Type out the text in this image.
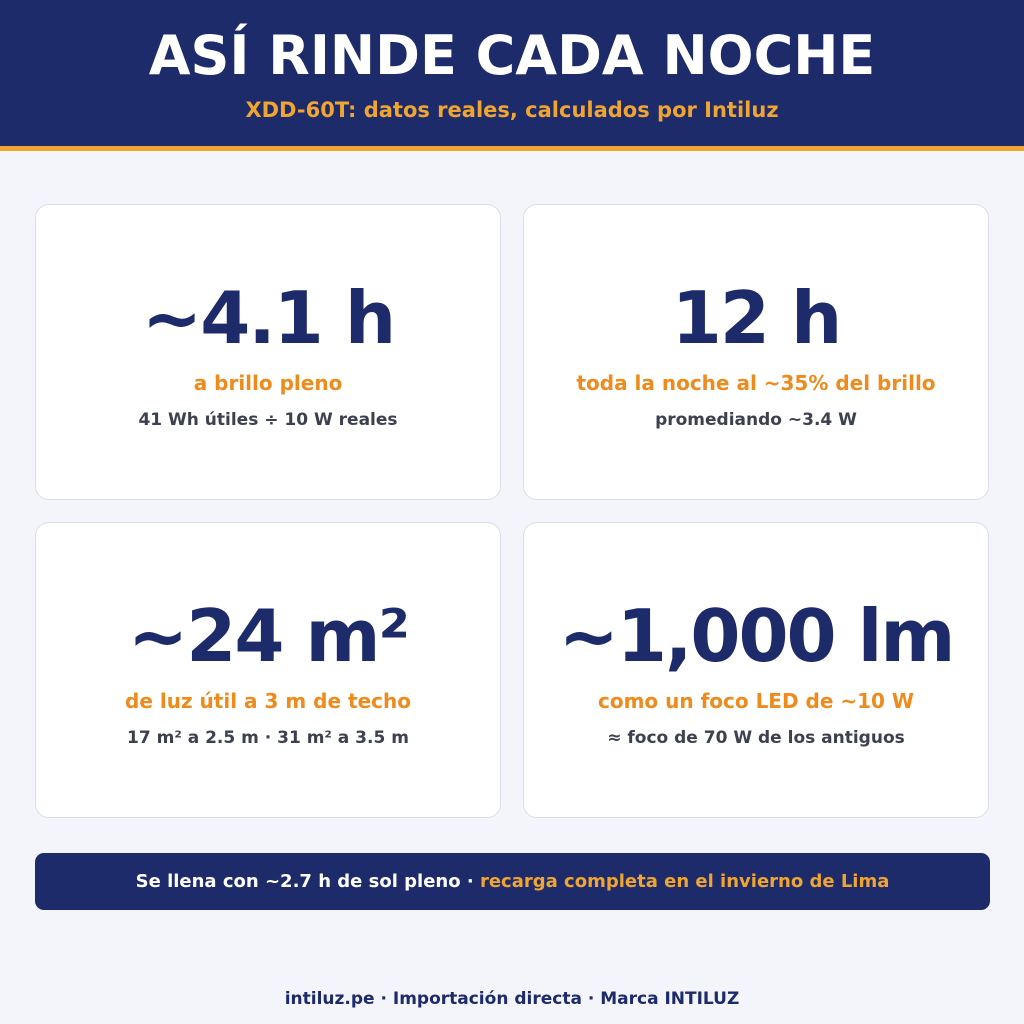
ASÍ RINDE CADA NOCHE
XDD-60T: datos reales, calculados por Intiluz
~4.1 h
a brillo pleno
41 Wh útiles ÷ 10 W reales
12 h
toda la noche al ~35% del brillo
promediando ~3.4 W
~24 m²
de luz útil a 3 m de techo
17 m² a 2.5 m · 31 m² a 3.5 m
~1,000 lm
como un foco LED de ~10 W
≈ foco de 70 W de los antiguos
Se llena con ~2.7 h de sol pleno · recarga completa en el invierno de Lima
intiluz.pe · Importación directa · Marca INTILUZ
